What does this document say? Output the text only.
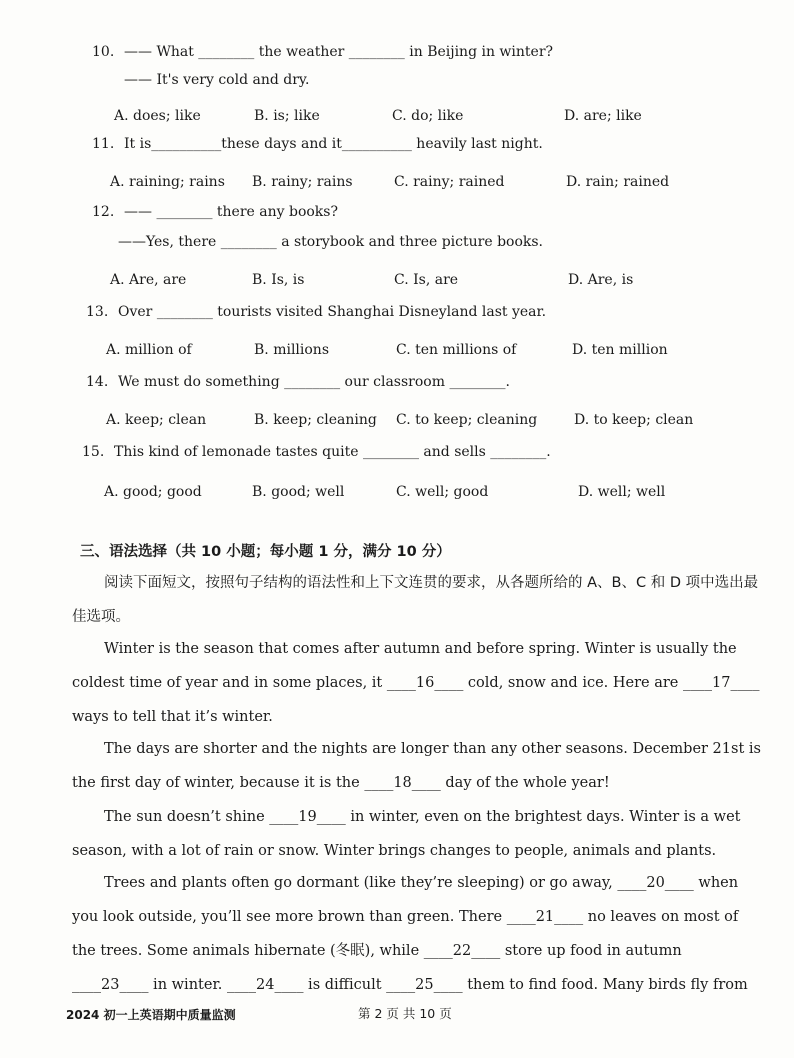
10. —— What ________ the weather ________ in Beijing in winter?
—— It's very cold and dry.
A. does; like	B. is; like	C. do; like	D. are; like
11. It is__________these days and it__________ heavily last night.
A. raining; rains B. rainy; rains	C. rainy; rained	D. rain; rained
12. —— ________ there any books?
——Yes, there ________ a storybook and three picture books.
A. Are, are	B. Is, is	C. Is, are	D. Are, is
13. Over ________ tourists visited Shanghai Disneyland last year.
A. million of	B. millions	C. ten millions of	D. ten million
14. We must do something ________ our classroom ________.
A. keep; clean	B. keep; cleaning C. to keep; cleaning	D. to keep; clean
15. This kind of lemonade tastes quite ________ and sells ________.
A. good; good	B. good; well	C. well; good	D. well; well
三、语法选择（共 10 小题；每小题 1 分，满分 10 分）
阅读下面短文，按照句子结构的语法性和上下文连贯的要求，从各题所给的 A、B、C 和 D 项中选出最佳选项。
Winter is the season that comes after autumn and before spring. Winter is usually the coldest time of year and in some places, it ____16____ cold, snow and ice. Here are ____17____ ways to tell that it’s winter.
The days are shorter and the nights are longer than any other seasons. December 21st is the first day of winter, because it is the ____18____ day of the whole year!
The sun doesn’t shine ____19____ in winter, even on the brightest days. Winter is a wet season, with a lot of rain or snow. Winter brings changes to people, animals and plants.
Trees and plants often go dormant (like they’re sleeping) or go away, ____20____ when you look outside, you’ll see more brown than green. There ____21____ no leaves on most of the trees. Some animals hibernate (冬眠), while ____22____ store up food in autumn ____23____ in winter. ____24____ is difficult ____25____ them to find food. Many birds fly from
2024 初一上英语期中质量监测	第 2 页 共 10 页
